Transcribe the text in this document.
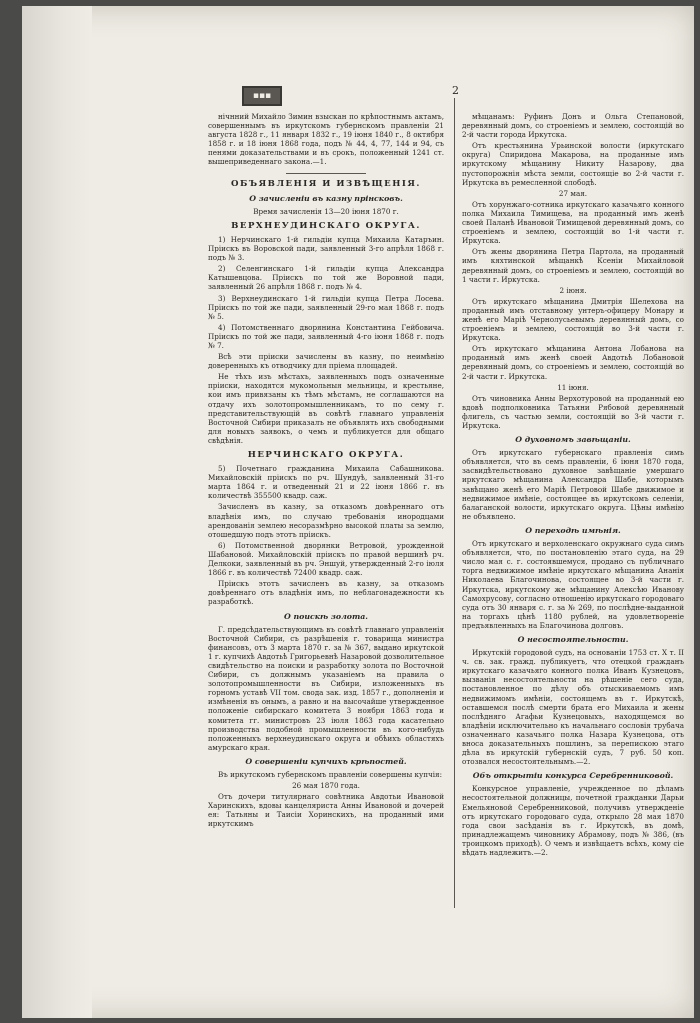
▪▪▪	2

нічнний Михайло Зимин взыскан по крѣпостнымъ актамъ, совершеннымъ въ иркутскомъ губернскомъ правленіи 21 августа 1828 г., 11 января 1832 г., 19 іюня 1840 г., 8 октября 1858 г. и 18 іюня 1868 года, подъ № 44, 4, 77, 144 и 94, съ пенями доказательствами и въ срокъ, положенный 1241 ст. вышеприведеннаго закона.—1.

ОБЪЯВЛЕНІЯ И ИЗВѢЩЕНІЯ.
О зачисленіи въ казну прінсковъ.
Время зачисленія 13—20 іюня 1870 г.
ВЕРХНЕУДИНСКАГО ОКРУГА.

1) Нерчинскаго 1-й гильдіи купца Михаила Катаръин. Пріискъ въ Воровской пади, заявленный 3-го апрѣля 1868 г. подъ № 3.

2) Селенгинскаго 1-й гильдіи купца Александра Катышевцова. Пріискъ по той же Воровной пади, заявленный 26 апрѣля 1868 г. подъ № 4.

3) Верхнеудинскаго 1-й гильдіи купца Петра Лосева. Пріискъ по той же пади, заявленный 29-го мая 1868 г. подъ № 5.

4) Потомственнаго дворянина Константина Гейбовича. Пріискъ по той же пади, заявленный 4-го іюня 1868 г. подъ № 7.

Всѣ эти пріиски зачислены въ казну, по неимѣнію доверенныхъ къ отводчику для пріема площадей.

Не тѣхъ изъ мѣстахъ, заявленныхъ подъ означенные пріиски, находятся мукомольныя мельницы, и крестьяне, кои имъ привязаны къ тѣмъ мѣстамъ, не соглашаются на отдачу ихъ золотопромышленникамъ, то по сему г. представительствующій въ совѣтѣ главнаго управленія Восточной Сибири приказалъ не объявлять ихъ свободными для новыхъ заявокъ, о чемъ и публикуется для общаго свѣдѣнія.

НЕРЧИНСКАГО ОКРУГА.

5) Почетнаго гражданина Михаила Сабашникова. Михайловскій пріискъ по рч. Шундуѣ, заявленный 31-го марта 1864 г. и отведенный 21 и 22 іюня 1866 г. въ количествѣ 355500 квадр. саж.

Зачисленъ въ казну, за отказомъ довѣреннаго отъ владѣнія имъ, по случаю требованія инородцами арендованія землею несоразмѣрно высокой платы за землю, отошедшую подъ этотъ пріискъ.

6) Потомственной дворянки Ветровой, урожденной Шабановой. Михайловскій пріискъ по правой вершинѣ рч. Делкоки, заявленный въ рч. Эншуй, утвержденный 2-го іюля 1866 г. въ количествѣ 72400 квадр. саж.

Пріискъ этотъ зачисленъ въ казну, за отказомъ довѣреннаго отъ владѣнія имъ, по неблагонадежности къ разработкѣ.

О поискѣ золота.

Г. предсѣдательствующимъ въ совѣтѣ главнаго управленія Восточной Сибири, съ разрѣшенія г. товарища министра финансовъ, отъ 3 марта 1870 г. за № 367, выдано иркутской 1 г. купчихѣ Авдотьѣ Григорьевнѣ Назаровой дозволительное свидѣтельство на поиски и разработку золота по Восточной Сибири, съ должнымъ указаніемъ на правила о золотопромышленности въ Сибири, изложенныхъ въ горномъ уставѣ VII том. свода зак. изд. 1857 г., дополненія и измѣненія въ онымъ, а равно и на высочайше утвержденное положеніе сибирскаго комитета 3 ноября 1863 года и комитета гг. министровъ 23 іюля 1863 года касательно производства подобной промышленности въ кого-нибудь положенныхъ верхнеудинскаго округа и обѣихъ областяхъ амурскаго края.

О совершеніи купчихъ крѣпостей.

Въ иркутскомъ губернскомъ правленіи совершены купчія:

26 мая 1870 года.

Отъ дочери титулярнаго совѣтника Авдотьи Ивановой Харинскихъ, вдовы канцеляриста Анны Ивановой и дочерей ея: Татьяны и Таисіи Хоринскихъ, на проданный ими иркутскимъ

мѣщанамъ: Руфинъ Донъ и Ольга Степановой, деревянный домъ, со строеніемъ и землею, состоящій во 2-й части города Иркутска.

Отъ крестьянина Урьинской волости (иркутскаго округа) Спиридона Макарова, на проданные имъ иркутскому мѣщанину Никиту Назарову, два пустопорожнія мѣста земли, состоящіе во 2-й части г. Иркутска въ ремесленной слободѣ.

27 мая.

Отъ хорунжаго-сотника иркутскаго казачьяго конного полка Михаила Тимищева, на проданный имъ женѣ своей Паланѣ Ивановой Тимищевой деревянный домъ, со строеніемъ и землею, состоящій во 1-й части г. Иркутска.

Отъ жены дворянина Петра Партола, на проданный имъ кяхтинской мѣщанкѣ Ксеніи Михайловой деревянный домъ, со строеніемъ и землею, состоящій во 1 части г. Иркутска.

2 іюня.

Отъ иркутскаго мѣщанина Дмитрія Шелехова на проданный имъ отставному унтеръ-офицеру Монару и женѣ его Маріѣ Чернолусьевымъ деревянный домъ, со строеніемъ и землею, состоящій во 3-й части г. Иркутска.

Отъ иркутскаго мѣщанина Антона Лобанова на проданный имъ женѣ своей Авдотьѣ Лобановой деревянный домъ, со строеніемъ и землею, состоящій во 2-й части г. Иркутска.

11 іюня.

Отъ чиновника Анны Верхотуровой на проданный ею вдовѣ подполковника Татьяни Рябовой деревянный флигель, съ частью земли, состоящій во 3-й части г. Иркутска.

О духовномъ завѣщаніи.

Отъ иркутскаго губернскаго правленія симъ объявляется, что въ семъ правленіи, 6 іюня 1870 года, засвидѣтельствовано духовное завѣщаніе умершаго иркутскаго мѣщанина Александра Шабе, которымъ завѣщано женѣ его Маріѣ Петровой Шабе движимое и недвижимое имѣніе, состоящее въ иркутскомъ селеніи, балаганской волости, иркутскаго округа. Цѣны имѣнію не объявлено.

О переходѣ имѣнія.

Отъ иркутскаго и верхоленскаго окружнаго суда симъ объявляется, что, по постановленію этаго суда, на 29 число мая с. г. состоявшемуся, продано съ публичнаго торга недвижимое имѣніе иркутскаго мѣщанина Ананія Николаева Благочинова, состоящее во 3-й части г. Иркутска, иркутскому же мѣщанину Алексѣю Иванову Самохрусову, согласно отношенію иркутскаго городоваго суда отъ 30 января с. г. за № 269, по послѣдне-выданной на торгахъ цѣнѣ 1180 рублей, на удовлетвореніе предъявленныхъ на Благочинова долговъ.

О несостоятельности.

Иркутскій городовой судъ, на основаніи 1753 ст. Х т. II ч. св. зак. гражд. публикуетъ, что отецкой гражданъ иркутскаго казачьяго конного полка Иванъ Кузнецовъ, вызванія несостоятельности на рѣшеніе сего суда, постановленное по дѣлу объ отыскиваемомъ имъ недвижимомъ имѣніи, состоящемъ въ г. Иркутскѣ, оставшемся послѣ смерти брата его Михаила и жены послѣдняго Агафьи Кузнецовыхъ, находящемся во владѣніи исключительно къ начальнаго сословія трубача означеннаго казачьяго полка Назара Кузнецова, отъ вноса доказательныхъ пошлинъ, за перепискою этаго дѣла въ иркутскій губернскій судъ, 7 руб. 50 коп. отозвался несостоятельнымъ.—2.

Объ открытіи конкурса Серебренниковой.

Конкурсное управленіе, учрежденное по дѣламъ несостоятельной должницы, почетной гражданки Дарьи Емельяновой Серебренниковой, получивъ утвержденіе отъ иркутскаго городоваго суда, открыло 28 мая 1870 года свои засѣданія въ г. Иркутскѣ, въ домѣ, принадлежащемъ чиновнику Абрамову, подъ № 386, (въ троицкомъ приходѣ). О чемъ и извѣщаетъ всѣхъ, кому сіе вѣдать надлежитъ.—2.
